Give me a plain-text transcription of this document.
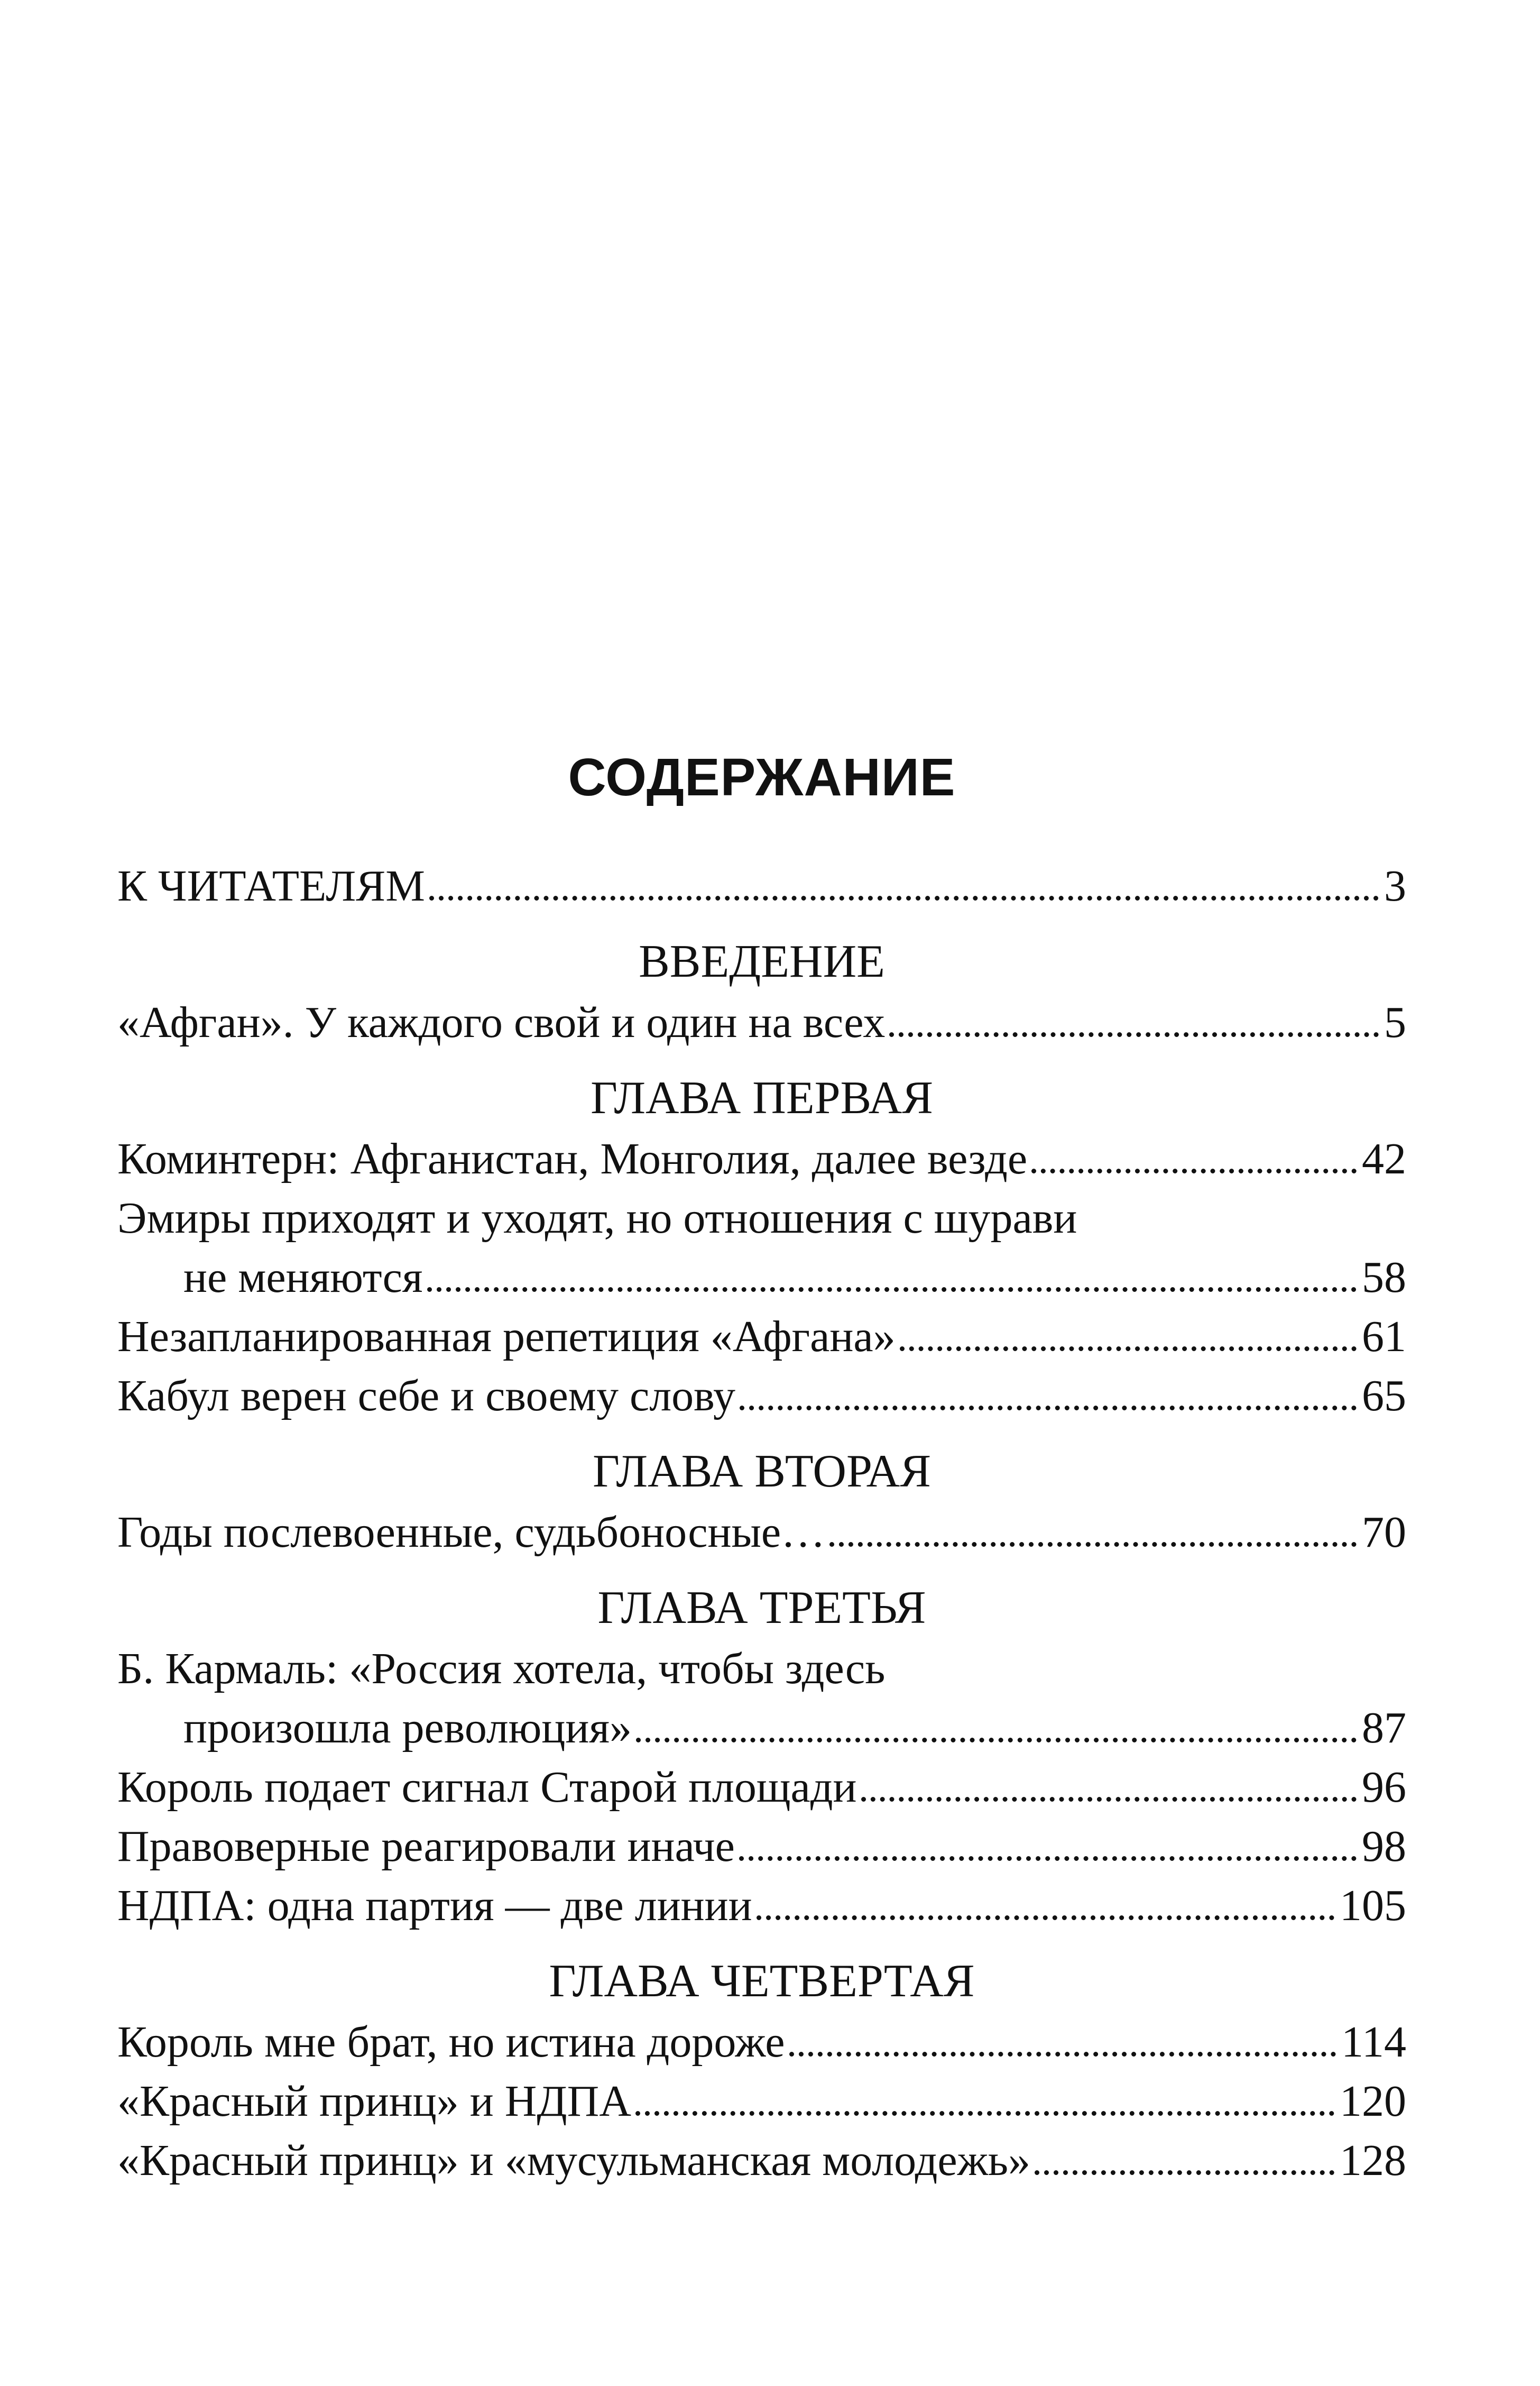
СОДЕРЖАНИЕ
К ЧИТАТЕЛЯМ	3
ВВЕДЕНИЕ
«Афган». У каждого свой и один на всех	5
ГЛАВА ПЕРВАЯ
Коминтерн: Афганистан, Монголия, далее везде	42
Эмиры приходят и уходят, но отношения с шурави
не меняются	58
Незапланированная репетиция «Афгана»	61
Кабул верен себе и своему слову	65
ГЛАВА ВТОРАЯ
Годы послевоенные, судьбоносные…	70
ГЛАВА ТРЕТЬЯ
Б. Кармаль: «Россия хотела, чтобы здесь
произошла революция»	87
Король подает сигнал Старой площади	96
Правоверные реагировали иначе	98
НДПА: одна партия — две линии	105
ГЛАВА ЧЕТВЕРТАЯ
Король мне брат, но истина дороже	114
«Красный принц» и НДПА	120
«Красный принц» и «мусульманская молодежь»	128
